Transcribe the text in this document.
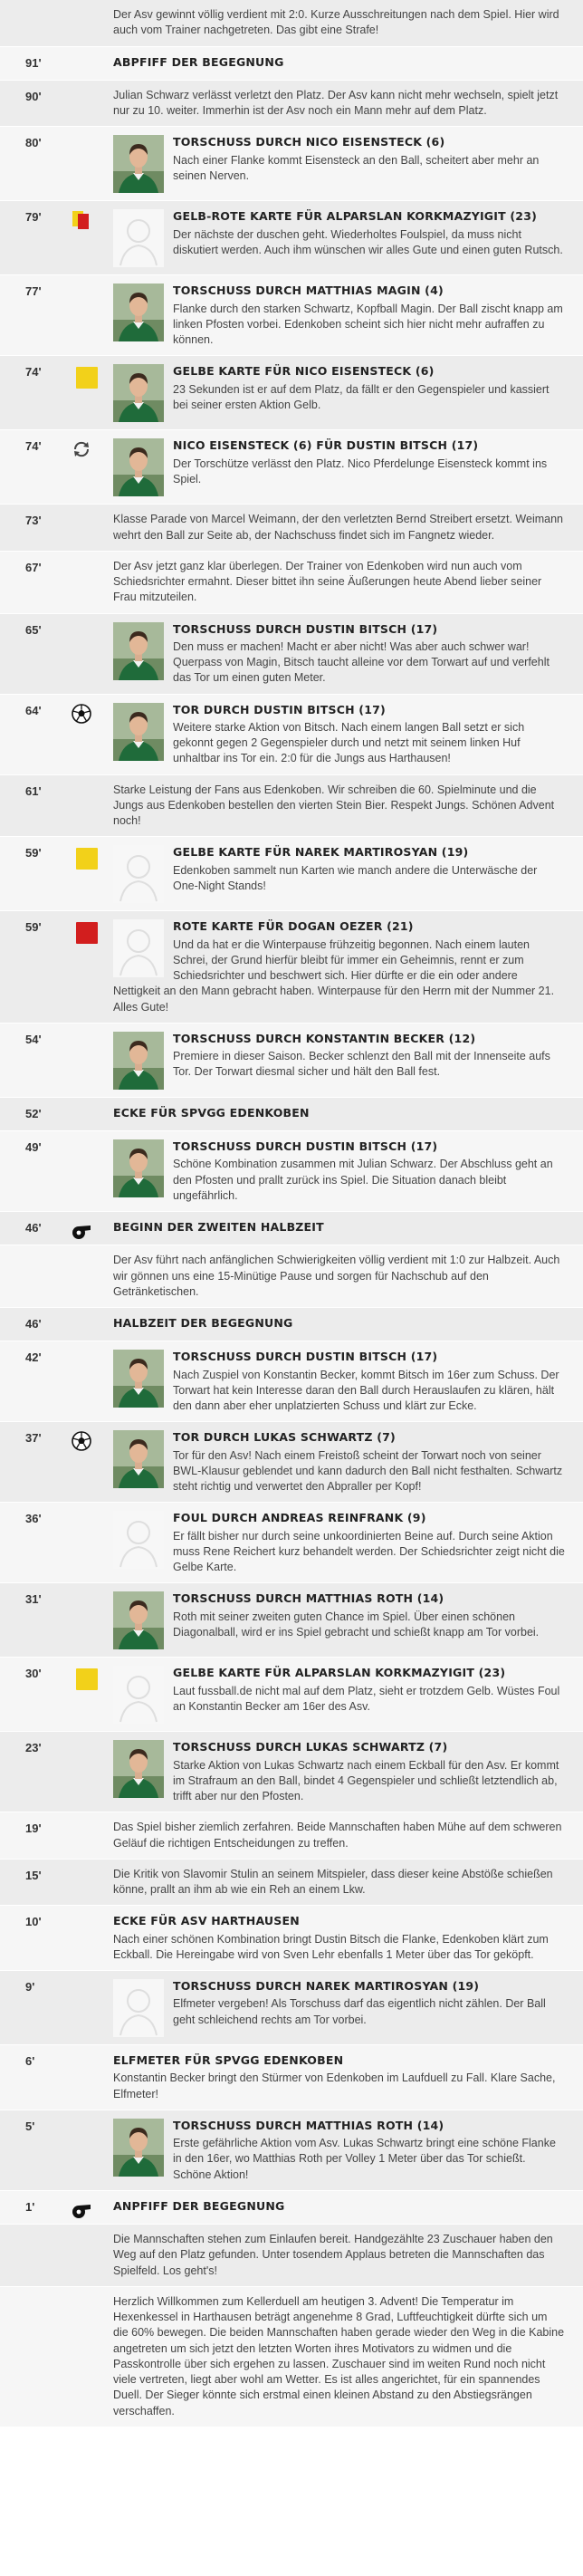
Der Asv gewinnt völlig verdient mit 2:0. Kurze Ausschreitungen nach dem Spiel. Hier wird auch vom Trainer nachgetreten. Das gibt eine Strafe!

91'	ABPFIFF DER BEGEGNUNG

90'	Julian Schwarz verlässt verletzt den Platz. Der Asv kann nicht mehr wechseln, spielt jetzt nur zu 10. weiter. Immerhin ist der Asv noch ein Mann mehr auf dem Platz.

80'	TORSCHUSS DURCH NICO EISENSTECK (6)

Nach einer Flanke kommt Eisensteck an den Ball, scheitert aber mehr an seinen Nerven.

79'	GELB-ROTE KARTE FÜR ALPARSLAN KORKMAZYIGIT (23)

Der nächste der duschen geht. Wiederholtes Foulspiel, da muss nicht diskutiert werden. Auch ihm wünschen wir alles Gute und einen guten Rutsch.

77'	TORSCHUSS DURCH MATTHIAS MAGIN (4)

Flanke durch den starken Schwartz, Kopfball Magin. Der Ball zischt knapp am linken Pfosten vorbei. Edenkoben scheint sich hier nicht mehr aufraffen zu können.

74'	GELBE KARTE FÜR NICO EISENSTECK (6)

23 Sekunden ist er auf dem Platz, da fällt er den Gegenspieler und kassiert bei seiner ersten Aktion Gelb.

74'	NICO EISENSTECK (6) FÜR DUSTIN BITSCH (17)

Der Torschütze verlässt den Platz. Nico Pferdelunge Eisensteck kommt ins Spiel.

73'	Klasse Parade von Marcel Weimann, der den verletzten Bernd Streibert ersetzt. Weimann wehrt den Ball zur Seite ab, der Nachschuss findet sich im Fangnetz wieder.

67'	Der Asv jetzt ganz klar überlegen. Der Trainer von Edenkoben wird nun auch vom Schiedsrichter ermahnt. Dieser bittet ihn seine Äußerungen heute Abend lieber seiner Frau mitzuteilen.

65'	TORSCHUSS DURCH DUSTIN BITSCH (17)

Den muss er machen! Macht er aber nicht! Was aber auch schwer war! Querpass von Magin, Bitsch taucht alleine vor dem Torwart auf und verfehlt das Tor um einen guten Meter.

64'	TOR DURCH DUSTIN BITSCH (17)

Weitere starke Aktion von Bitsch. Nach einem langen Ball setzt er sich gekonnt gegen 2 Gegenspieler durch und netzt mit seinem linken Huf unhaltbar ins Tor ein. 2:0 für die Jungs aus Harthausen!

61'	Starke Leistung der Fans aus Edenkoben. Wir schreiben die 60. Spielminute und die Jungs aus Edenkoben bestellen den vierten Stein Bier. Respekt Jungs. Schönen Advent noch!

59'	GELBE KARTE FÜR NAREK MARTIROSYAN (19)

Edenkoben sammelt nun Karten wie manch andere die Unterwäsche der One-Night Stands!

59'	ROTE KARTE FÜR DOGAN OEZER (21)

Und da hat er die Winterpause frühzeitig begonnen. Nach einem lauten Schrei, der Grund hierfür bleibt für immer ein Geheimnis, rennt er zum Schiedsrichter und beschwert sich. Hier dürfte er die ein oder andere Nettigkeit an den Mann gebracht haben. Winterpause für den Herrn mit der Nummer 21. Alles Gute!

54'	TORSCHUSS DURCH KONSTANTIN BECKER (12)

Premiere in dieser Saison. Becker schlenzt den Ball mit der Innenseite aufs Tor. Der Torwart diesmal sicher und hält den Ball fest.

52'	ECKE FÜR SPVGG EDENKOBEN

49'	TORSCHUSS DURCH DUSTIN BITSCH (17)

Schöne Kombination zusammen mit Julian Schwarz. Der Abschluss geht an den Pfosten und prallt zurück ins Spiel. Die Situation danach bleibt ungefährlich.

46'	BEGINN DER ZWEITEN HALBZEIT

Der Asv führt nach anfänglichen Schwierigkeiten völlig verdient mit 1:0 zur Halbzeit. Auch wir gönnen uns eine 15-Minütige Pause und sorgen für Nachschub auf den Getränketischen.

46'	HALBZEIT DER BEGEGNUNG

42'	TORSCHUSS DURCH DUSTIN BITSCH (17)

Nach Zuspiel von Konstantin Becker, kommt Bitsch im 16er zum Schuss. Der Torwart hat kein Interesse daran den Ball durch Herauslaufen zu klären, hält den dann aber eher unplatzierten Schuss und klärt zur Ecke.

37'	TOR DURCH LUKAS SCHWARTZ (7)

Tor für den Asv! Nach einem Freistoß scheint der Torwart noch von seiner BWL-Klausur geblendet und kann dadurch den Ball nicht festhalten. Schwartz steht richtig und verwertet den Abpraller per Kopf!

36'	FOUL DURCH ANDREAS REINFRANK (9)

Er fällt bisher nur durch seine unkoordinierten Beine auf. Durch seine Aktion muss Rene Reichert kurz behandelt werden. Der Schiedsrichter zeigt nicht die Gelbe Karte.

31'	TORSCHUSS DURCH MATTHIAS ROTH (14)

Roth mit seiner zweiten guten Chance im Spiel. Über einen schönen Diagonalball, wird er ins Spiel gebracht und schießt knapp am Tor vorbei.

30'	GELBE KARTE FÜR ALPARSLAN KORKMAZYIGIT (23)

Laut fussball.de nicht mal auf dem Platz, sieht er trotzdem Gelb. Wüstes Foul an Konstantin Becker am 16er des Asv.

23'	TORSCHUSS DURCH LUKAS SCHWARTZ (7)

Starke Aktion von Lukas Schwartz nach einem Eckball für den Asv. Er kommt im Strafraum an den Ball, bindet 4 Gegenspieler und schließt letztendlich ab, trifft aber nur den Pfosten.

19'	Das Spiel bisher ziemlich zerfahren. Beide Mannschaften haben Mühe auf dem schweren Geläuf die richtigen Entscheidungen zu treffen.

15'	Die Kritik von Slavomir Stulin an seinem Mitspieler, dass dieser keine Abstöße schießen könne, prallt an ihm ab wie ein Reh an einem Lkw.

10'	ECKE FÜR ASV HARTHAUSEN

Nach einer schönen Kombination bringt Dustin Bitsch die Flanke, Edenkoben klärt zum Eckball. Die Hereingabe wird von Sven Lehr ebenfalls 1 Meter über das Tor geköpft.

9'	TORSCHUSS DURCH NAREK MARTIROSYAN (19)

Elfmeter vergeben! Als Torschuss darf das eigentlich nicht zählen. Der Ball geht schleichend rechts am Tor vorbei.

6'	ELFMETER FÜR SPVGG EDENKOBEN

Konstantin Becker bringt den Stürmer von Edenkoben im Laufduell zu Fall. Klare Sache, Elfmeter!

5'	TORSCHUSS DURCH MATTHIAS ROTH (14)

Erste gefährliche Aktion vom Asv. Lukas Schwartz bringt eine schöne Flanke in den 16er, wo Matthias Roth per Volley 1 Meter über das Tor schießt. Schöne Aktion!

1'	ANPFIFF DER BEGEGNUNG

Die Mannschaften stehen zum Einlaufen bereit. Handgezählte 23 Zuschauer haben den Weg auf den Platz gefunden. Unter tosendem Applaus betreten die Mannschaften das Spielfeld. Los geht's!

Herzlich Willkommen zum Kellerduell am heutigen 3. Advent! Die Temperatur im Hexenkessel in Harthausen beträgt angenehme 8 Grad, Luftfeuchtigkeit dürfte sich um die 60% bewegen. Die beiden Mannschaften haben gerade wieder den Weg in die Kabine angetreten um sich jetzt den letzten Worten ihres Motivators zu widmen und die Passkontrolle über sich ergehen zu lassen. Zuschauer sind im weiten Rund noch nicht viele vertreten, liegt aber wohl am Wetter. Es ist alles angerichtet, für ein spannendes Duell. Der Sieger könnte sich erstmal einen kleinen Abstand zu den Abstiegsrängen verschaffen.
